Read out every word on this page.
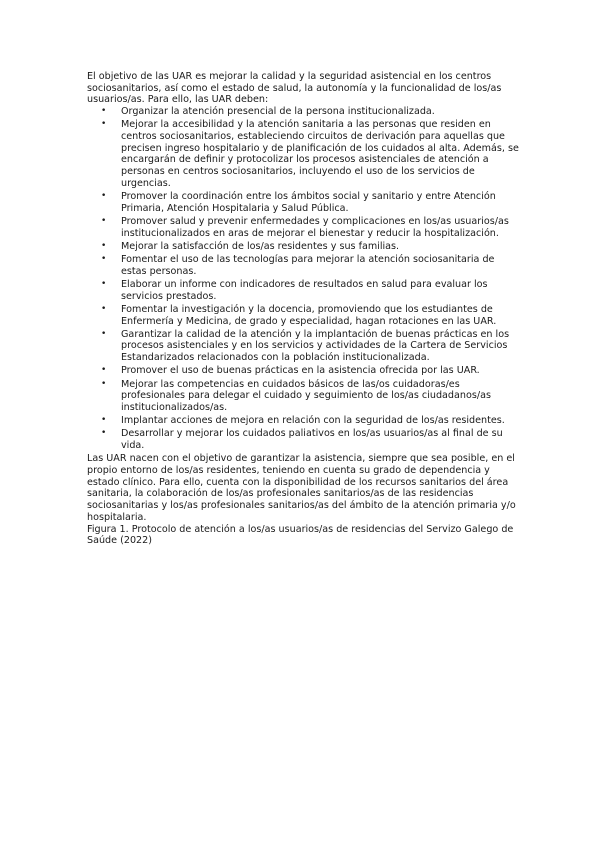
El objetivo de las UAR es mejorar la calidad y la seguridad asistencial en los centros sociosanitarios, así como el estado de salud, la autonomía y la funcionalidad de los/as usuarios/as. Para ello, las UAR deben:

• Organizar la atención presencial de la persona institucionalizada.
• Mejorar la accesibilidad y la atención sanitaria a las personas que residen en centros sociosanitarios, estableciendo circuitos de derivación para aquellas que precisen ingreso hospitalario y de planificación de los cuidados al alta. Además, se encargarán de definir y protocolizar los procesos asistenciales de atención a personas en centros sociosanitarios, incluyendo el uso de los servicios de urgencias.
• Promover la coordinación entre los ámbitos social y sanitario y entre Atención Primaria, Atención Hospitalaria y Salud Pública.
• Promover salud y prevenir enfermedades y complicaciones en los/as usuarios/as institucionalizados en aras de mejorar el bienestar y reducir la hospitalización.
• Mejorar la satisfacción de los/as residentes y sus familias.
• Fomentar el uso de las tecnologías para mejorar la atención sociosanitaria de estas personas.
• Elaborar un informe con indicadores de resultados en salud para evaluar los servicios prestados.
• Fomentar la investigación y la docencia, promoviendo que los estudiantes de Enfermería y Medicina, de grado y especialidad, hagan rotaciones en las UAR.
• Garantizar la calidad de la atención y la implantación de buenas prácticas en los procesos asistenciales y en los servicios y actividades de la Cartera de Servicios Estandarizados relacionados con la población institucionalizada.
• Promover el uso de buenas prácticas en la asistencia ofrecida por las UAR.
• Mejorar las competencias en cuidados básicos de las/os cuidadoras/es profesionales para delegar el cuidado y seguimiento de los/as ciudadanos/as institucionalizados/as.
• Implantar acciones de mejora en relación con la seguridad de los/as residentes.
• Desarrollar y mejorar los cuidados paliativos en los/as usuarios/as al final de su vida.

Las UAR nacen con el objetivo de garantizar la asistencia, siempre que sea posible, en el propio entorno de los/as residentes, teniendo en cuenta su grado de dependencia y estado clínico. Para ello, cuenta con la disponibilidad de los recursos sanitarios del área sanitaria, la colaboración de los/as profesionales sanitarios/as de las residencias sociosanitarias y los/as profesionales sanitarios/as del ámbito de la atención primaria y/o hospitalaria.

Figura 1. Protocolo de atención a los/as usuarios/as de residencias del Servizo Galego de Saúde (2022)
